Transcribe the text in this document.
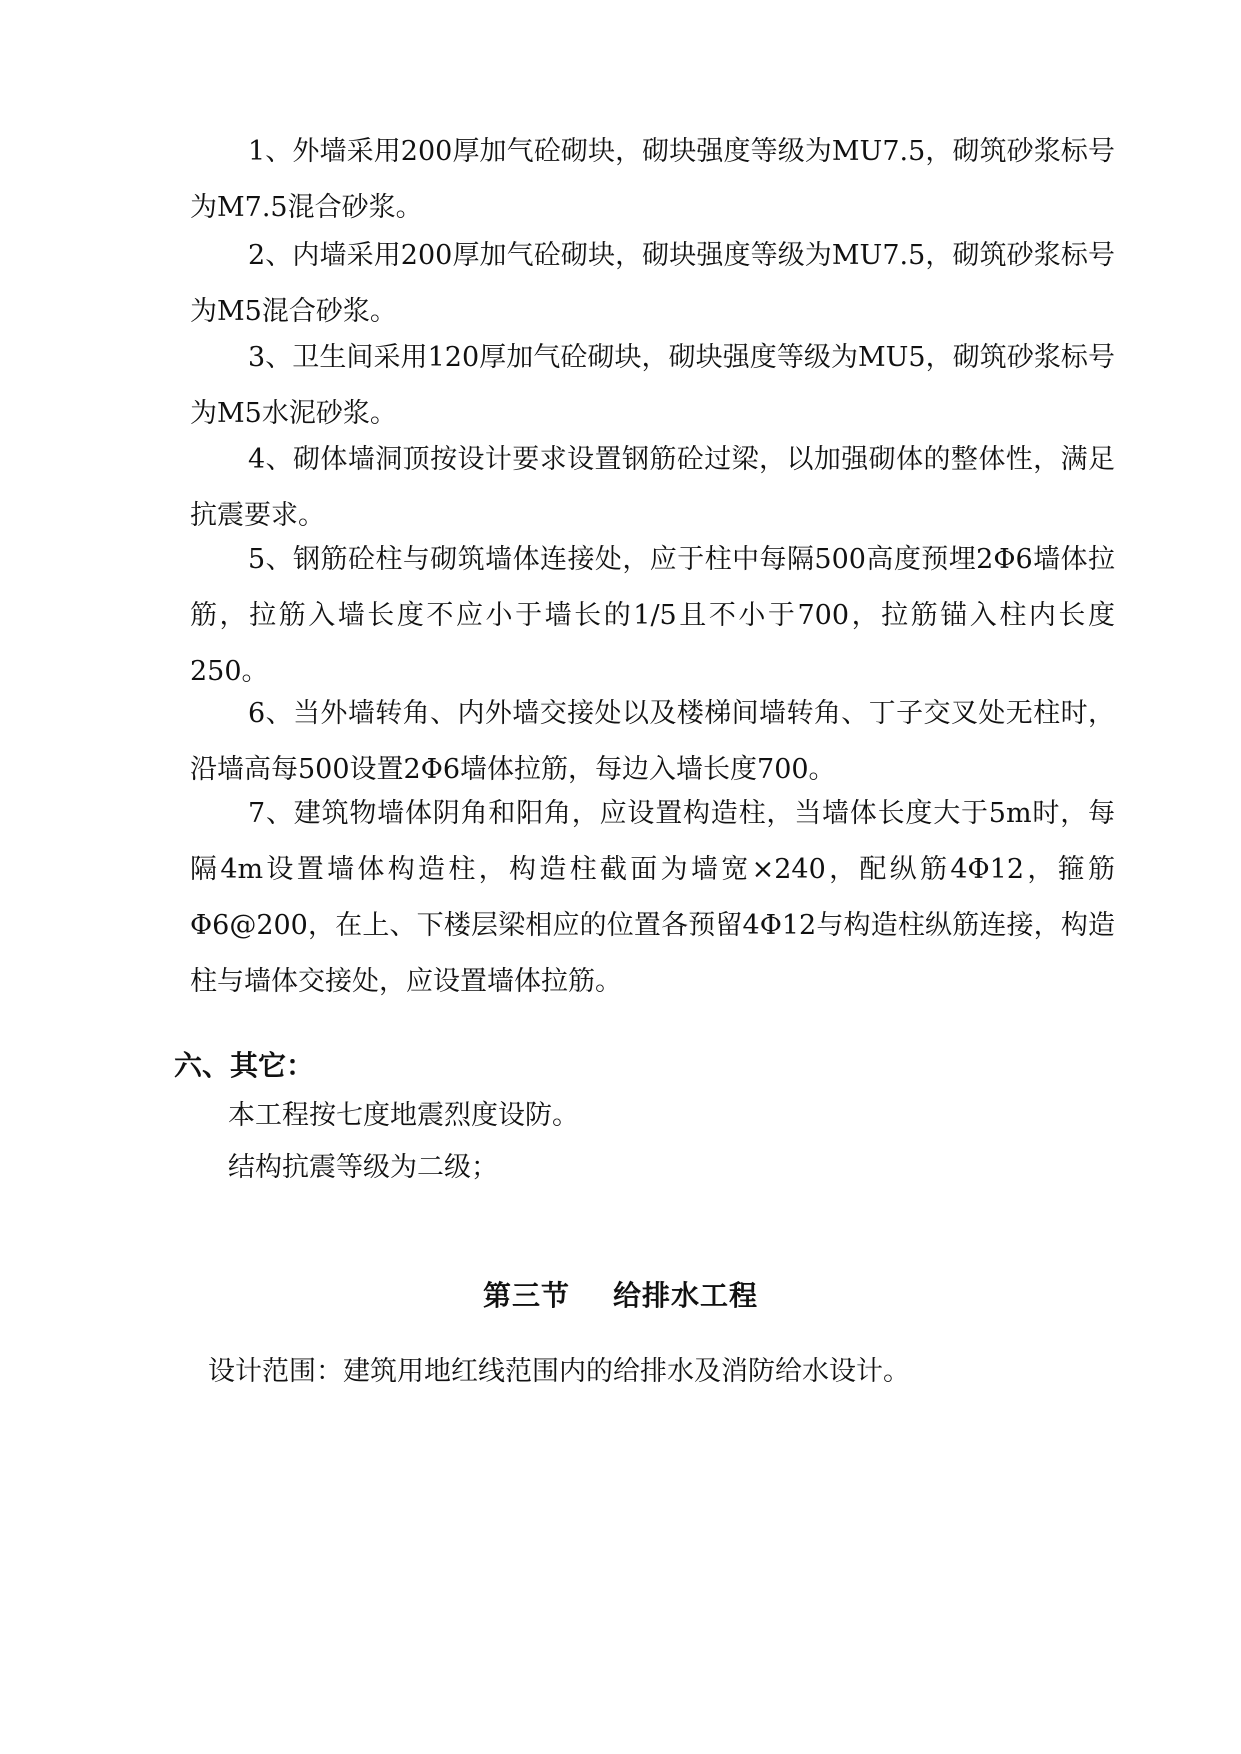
1、外墙采用200厚加气砼砌块，砌块强度等级为MU7.5，砌筑砂浆标号为M7.5混合砂浆。

2、内墙采用200厚加气砼砌块，砌块强度等级为MU7.5，砌筑砂浆标号为M5混合砂浆。

3、卫生间采用120厚加气砼砌块，砌块强度等级为MU5，砌筑砂浆标号为M5水泥砂浆。

4、砌体墙洞顶按设计要求设置钢筋砼过梁，以加强砌体的整体性，满足抗震要求。

5、钢筋砼柱与砌筑墙体连接处，应于柱中每隔500高度预埋2Φ6墙体拉筋，拉筋入墙长度不应小于墙长的1/5且不小于700，拉筋锚入柱内长度250。

6、当外墙转角、内外墙交接处以及楼梯间墙转角、丁子交叉处无柱时，沿墙高每500设置2Φ6墙体拉筋，每边入墙长度700。

7、建筑物墙体阴角和阳角，应设置构造柱，当墙体长度大于5m时，每隔4m设置墙体构造柱，构造柱截面为墙宽×240，配纵筋4Φ12，箍筋Φ6@200，在上、下楼层梁相应的位置各预留4Φ12与构造柱纵筋连接，构造柱与墙体交接处，应设置墙体拉筋。

六、其它：

本工程按七度地震烈度设防。

结构抗震等级为二级；

第三节    给排水工程

设计范围：建筑用地红线范围内的给排水及消防给水设计。
